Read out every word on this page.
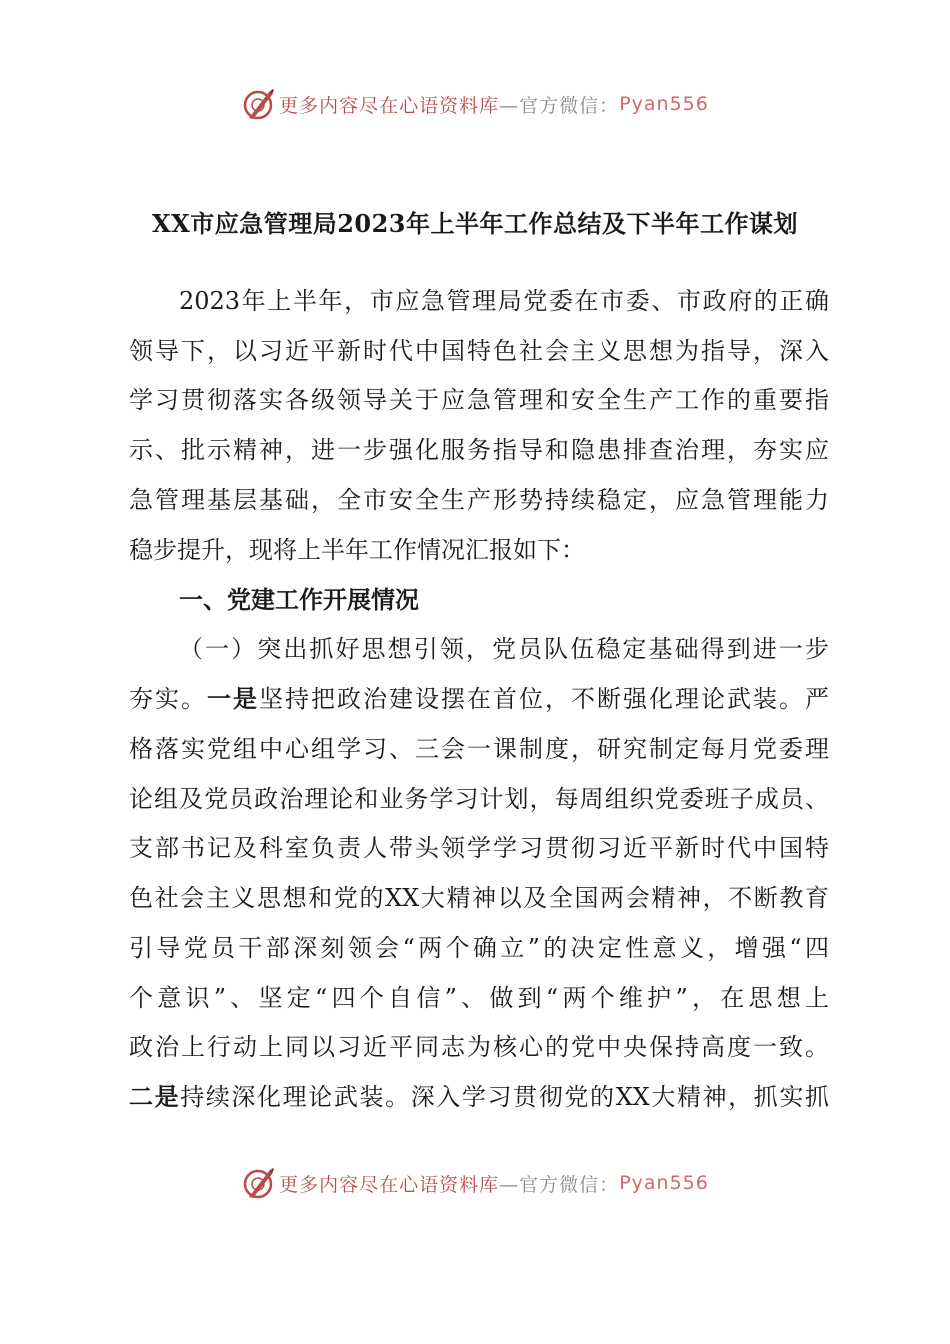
更多内容尽在心语资料库 —官方微信： Pyan556
XX市应急管理局2023年上半年工作总结及下半年工作谋划
2023年上半年，市应急管理局党委在市委、市政府的正确
领导下，以习近平新时代中国特色社会主义思想为指导，深入
学习贯彻落实各级领导关于应急管理和安全生产工作的重要指
示、批示精神，进一步强化服务指导和隐患排查治理，夯实应
急管理基层基础，全市安全生产形势持续稳定，应急管理能力
稳步提升，现将上半年工作情况汇报如下：
一、党建工作开展情况
（一）突出抓好思想引领，党员队伍稳定基础得到进一步
夯实。一是坚持把政治建设摆在首位，不断强化理论武装。严
格落实党组中心组学习、三会一课制度，研究制定每月党委理
论组及党员政治理论和业务学习计划，每周组织党委班子成员、
支部书记及科室负责人带头领学学习贯彻习近平新时代中国特
色社会主义思想和党的XX大精神以及全国两会精神，不断教育
引导党员干部深刻领会“两个确立”的决定性意义，增强“四
个意识”、坚定“四个自信”、做到“两个维护”，在思想上
政治上行动上同以习近平同志为核心的党中央保持高度一致。
二是持续深化理论武装。深入学习贯彻党的XX大精神，抓实抓
更多内容尽在心语资料库 —官方微信： Pyan556
